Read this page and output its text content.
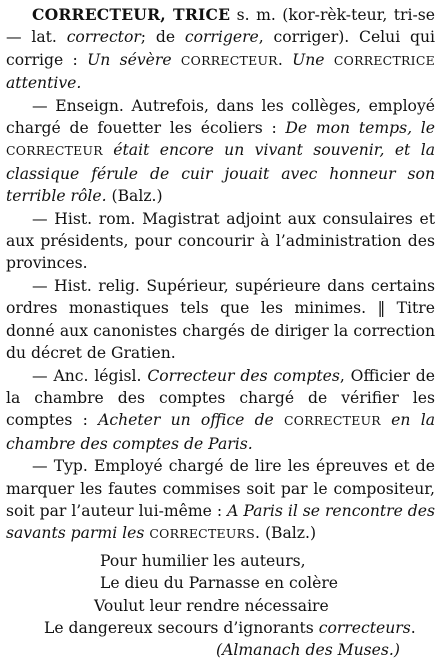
CORRECTEUR, TRICE s. m. (kor-rèk-teur, tri-se — lat. corrector; de corrigere, corriger). Celui qui corrige : Un sévère CORRECTEUR. Une CORRECTRICE attentive.

— Enseign. Autrefois, dans les collèges, employé chargé de fouetter les écoliers : De mon temps, le CORRECTEUR était encore un vivant souvenir, et la classique férule de cuir jouait avec honneur son terrible rôle. (Balz.)

— Hist. rom. Magistrat adjoint aux consulaires et aux présidents, pour concourir à l’administration des provinces.

— Hist. relig. Supérieur, supérieure dans certains ordres monastiques tels que les minimes. ‖ Titre donné aux canonistes chargés de diriger la correction du décret de Gratien.

— Anc. législ. Correcteur des comptes, Officier de la chambre des comptes chargé de vérifier les comptes : Acheter un office de CORRECTEUR en la chambre des comptes de Paris.

— Typ. Employé chargé de lire les épreuves et de marquer les fautes commises soit par le compositeur, soit par l’auteur lui-même : A Paris il se rencontre des savants parmi les CORRECTEURS. (Balz.)

Pour humilier les auteurs,
Le dieu du Parnasse en colère
Voulut leur rendre nécessaire
Le dangereux secours d’ignorants correcteurs.
(Almanach des Muses.)
